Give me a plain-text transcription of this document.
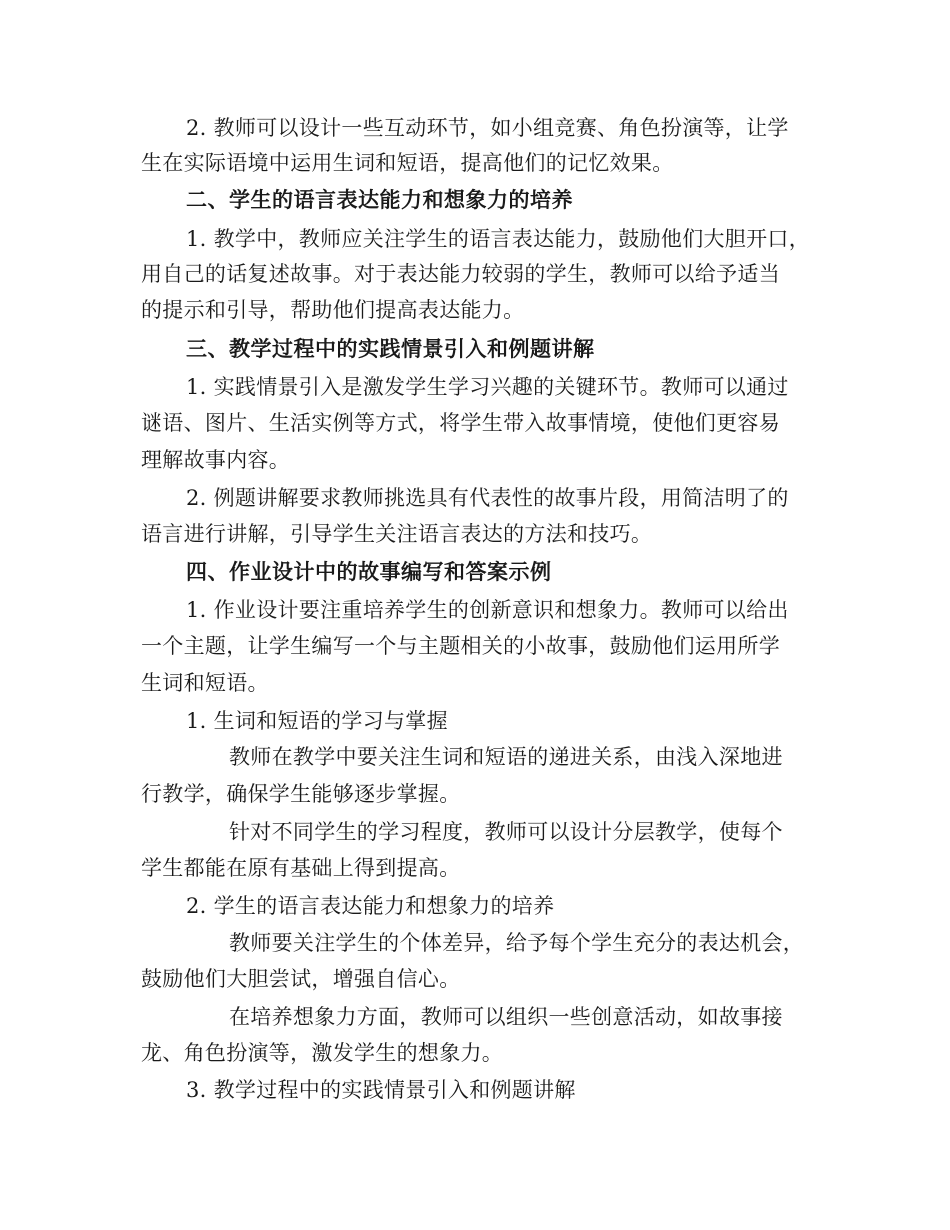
2. 教师可以设计一些互动环节，如小组竞赛、角色扮演等，让学
生在实际语境中运用生词和短语，提高他们的记忆效果。
二、学生的语言表达能力和想象力的培养
1. 教学中，教师应关注学生的语言表达能力，鼓励他们大胆开口，
用自己的话复述故事。对于表达能力较弱的学生，教师可以给予适当
的提示和引导，帮助他们提高表达能力。
三、教学过程中的实践情景引入和例题讲解
1. 实践情景引入是激发学生学习兴趣的关键环节。教师可以通过
谜语、图片、生活实例等方式，将学生带入故事情境，使他们更容易
理解故事内容。
2. 例题讲解要求教师挑选具有代表性的故事片段，用简洁明了的
语言进行讲解，引导学生关注语言表达的方法和技巧。
四、作业设计中的故事编写和答案示例
1. 作业设计要注重培养学生的创新意识和想象力。教师可以给出
一个主题，让学生编写一个与主题相关的小故事，鼓励他们运用所学
生词和短语。
1. 生词和短语的学习与掌握
教师在教学中要关注生词和短语的递进关系，由浅入深地进
行教学，确保学生能够逐步掌握。
针对不同学生的学习程度，教师可以设计分层教学，使每个
学生都能在原有基础上得到提高。
2. 学生的语言表达能力和想象力的培养
教师要关注学生的个体差异，给予每个学生充分的表达机会，
鼓励他们大胆尝试，增强自信心。
在培养想象力方面，教师可以组织一些创意活动，如故事接
龙、角色扮演等，激发学生的想象力。
3. 教学过程中的实践情景引入和例题讲解
